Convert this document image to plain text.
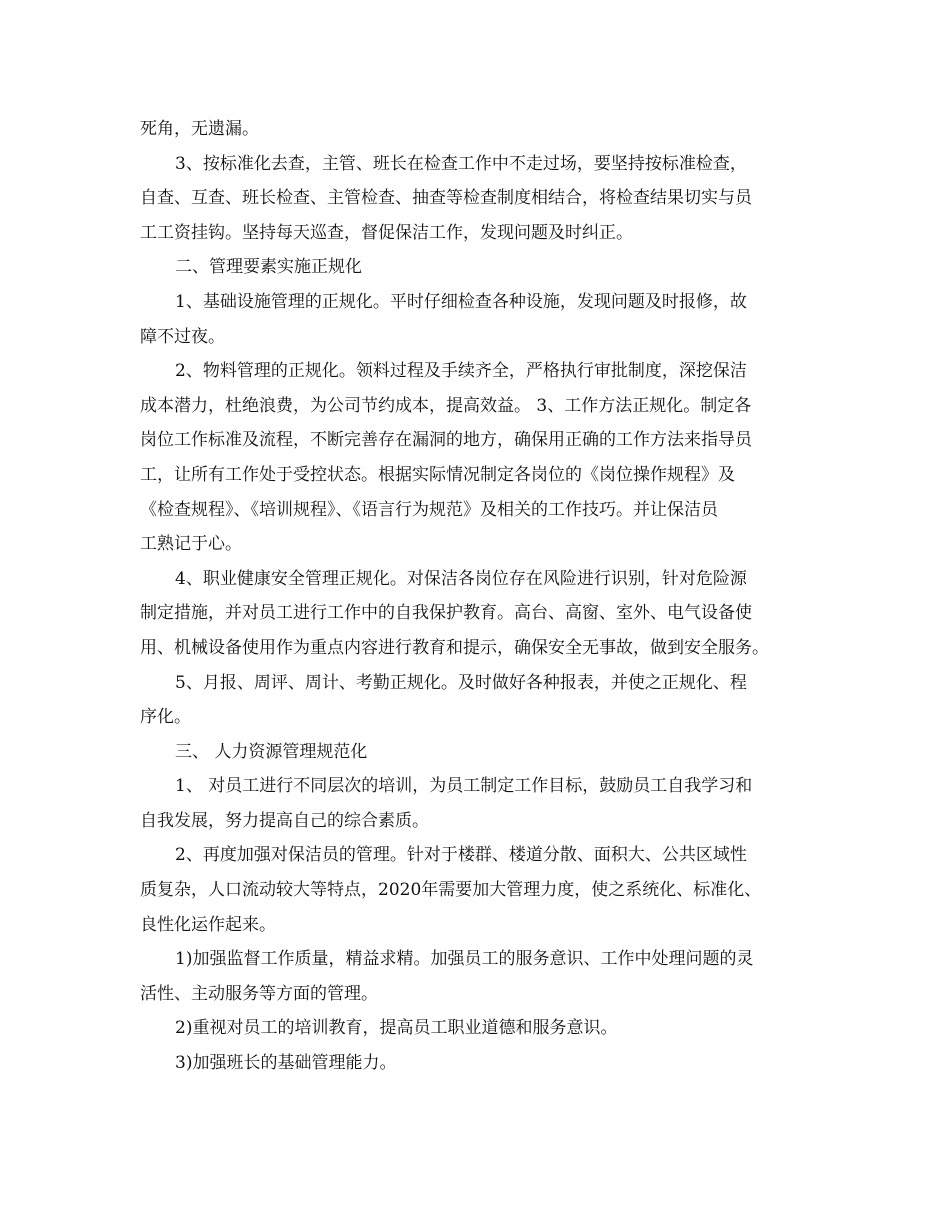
死角，无遗漏。
3、按标准化去查，主管、班长在检查工作中不走过场，要坚持按标准检查，
自查、互查、班长检查、主管检查、抽查等检查制度相结合，将检查结果切实与员
工工资挂钩。坚持每天巡查，督促保洁工作，发现问题及时纠正。
二、管理要素实施正规化
1、基础设施管理的正规化。平时仔细检查各种设施，发现问题及时报修，故
障不过夜。
2、物料管理的正规化。领料过程及手续齐全，严格执行审批制度，深挖保洁
成本潜力，杜绝浪费，为公司节约成本，提高效益。 3、工作方法正规化。制定各
岗位工作标准及流程，不断完善存在漏洞的地方，确保用正确的工作方法来指导员
工，让所有工作处于受控状态。根据实际情况制定各岗位的《岗位操作规程》及
《检查规程》、《培训规程》、《语言行为规范》及相关的工作技巧。并让保洁员
工熟记于心。
4、职业健康安全管理正规化。对保洁各岗位存在风险进行识别，针对危险源
制定措施，并对员工进行工作中的自我保护教育。高台、高窗、室外、电气设备使
用、机械设备使用作为重点内容进行教育和提示，确保安全无事故，做到安全服务。
5、月报、周评、周计、考勤正规化。及时做好各种报表，并使之正规化、程
序化。
三、 人力资源管理规范化
1、 对员工进行不同层次的培训，为员工制定工作目标，鼓励员工自我学习和
自我发展，努力提高自己的综合素质。
2、再度加强对保洁员的管理。针对于楼群、楼道分散、面积大、公共区域性
质复杂，人口流动较大等特点，2020年需要加大管理力度，使之系统化、标准化、
良性化运作起来。
1)加强监督工作质量，精益求精。加强员工的服务意识、工作中处理问题的灵
活性、主动服务等方面的管理。
2)重视对员工的培训教育，提高员工职业道德和服务意识。
3)加强班长的基础管理能力。
